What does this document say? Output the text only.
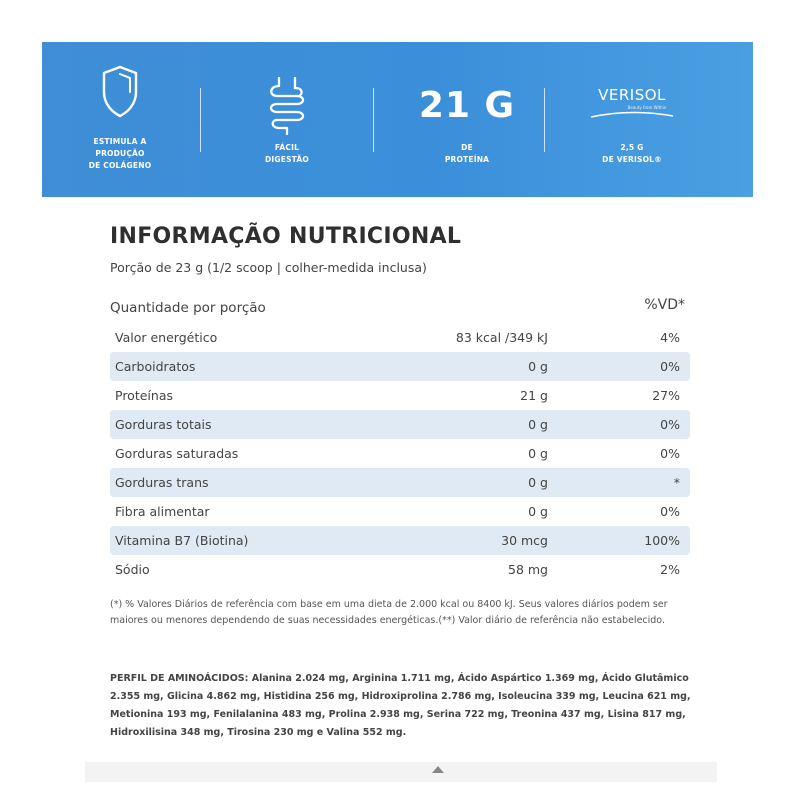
ESTIMULA A
PRODUÇÃO
DE COLÁGENO
FÁCIL
DIGESTÃO
21 G
DE
PROTEÍNA
VERISOL
Beauty from Within
2,5 G
DE VERISOL®
INFORMAÇÃO NUTRICIONAL
Porção de 23 g (1/2 scoop | colher-medida inclusa)
Quantidade por porção	%VD*
Valor energético	83 kcal /349 kJ	4%
Carboidratos	0 g	0%
Proteínas	21 g	27%
Gorduras totais	0 g	0%
Gorduras saturadas	0 g	0%
Gorduras trans	0 g	*
Fibra alimentar	0 g	0%
Vitamina B7 (Biotina)	30 mcg	100%
Sódio	58 mg	2%
(*) % Valores Diários de referência com base em uma dieta de 2.000 kcal ou 8400 kJ. Seus valores diários podem ser maiores ou menores dependendo de suas necessidades energéticas.(**) Valor diário de referência não estabelecido.
PERFIL DE AMINOÁCIDOS: Alanina 2.024 mg, Arginina 1.711 mg, Ácido Aspártico 1.369 mg, Ácido Glutâmico 2.355 mg, Glicina 4.862 mg, Histidina 256 mg, Hidroxiprolina 2.786 mg, Isoleucina 339 mg, Leucina 621 mg, Metionina 193 mg, Fenilalanina 483 mg, Prolina 2.938 mg, Serina 722 mg, Treonina 437 mg, Lisina 817 mg, Hidroxilisina 348 mg, Tirosina 230 mg e Valina 552 mg.
